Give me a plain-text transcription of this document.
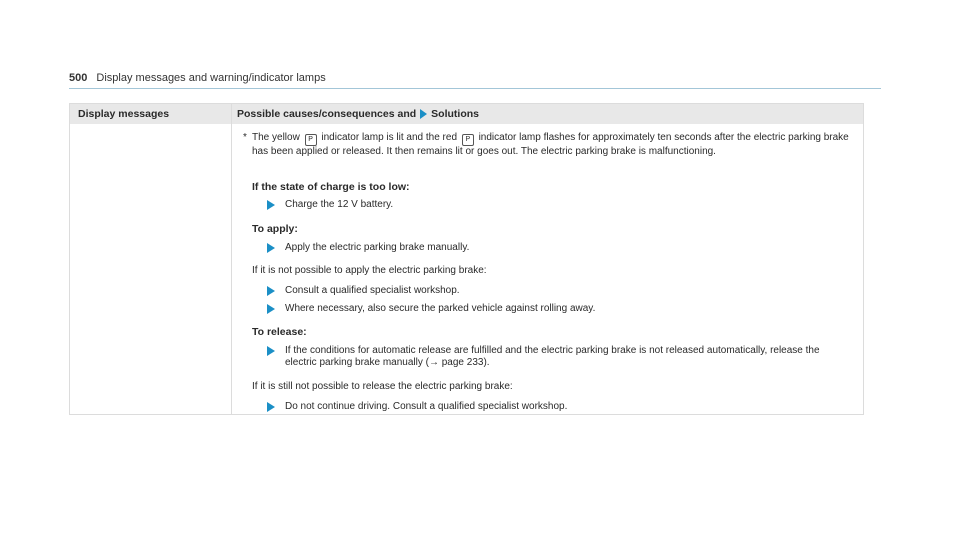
500 Display messages and warning/indicator lamps
Display messages	Possible causes/consequences and Solutions
* The yellow P indicator lamp is lit and the red P indicator lamp flashes for approximately ten seconds after the electric parking brake has been applied or released. It then remains lit or goes out. The electric parking brake is malfunctioning.
If the state of charge is too low:
Charge the 12 V battery.
To apply:
Apply the electric parking brake manually.
If it is not possible to apply the electric parking brake:
Consult a qualified specialist workshop.
Where necessary, also secure the parked vehicle against rolling away.
To release:
If the conditions for automatic release are fulfilled and the electric parking brake is not released automatically, release the electric parking brake manually (→ page 233).
If it is still not possible to release the electric parking brake:
Do not continue driving. Consult a qualified specialist workshop.
